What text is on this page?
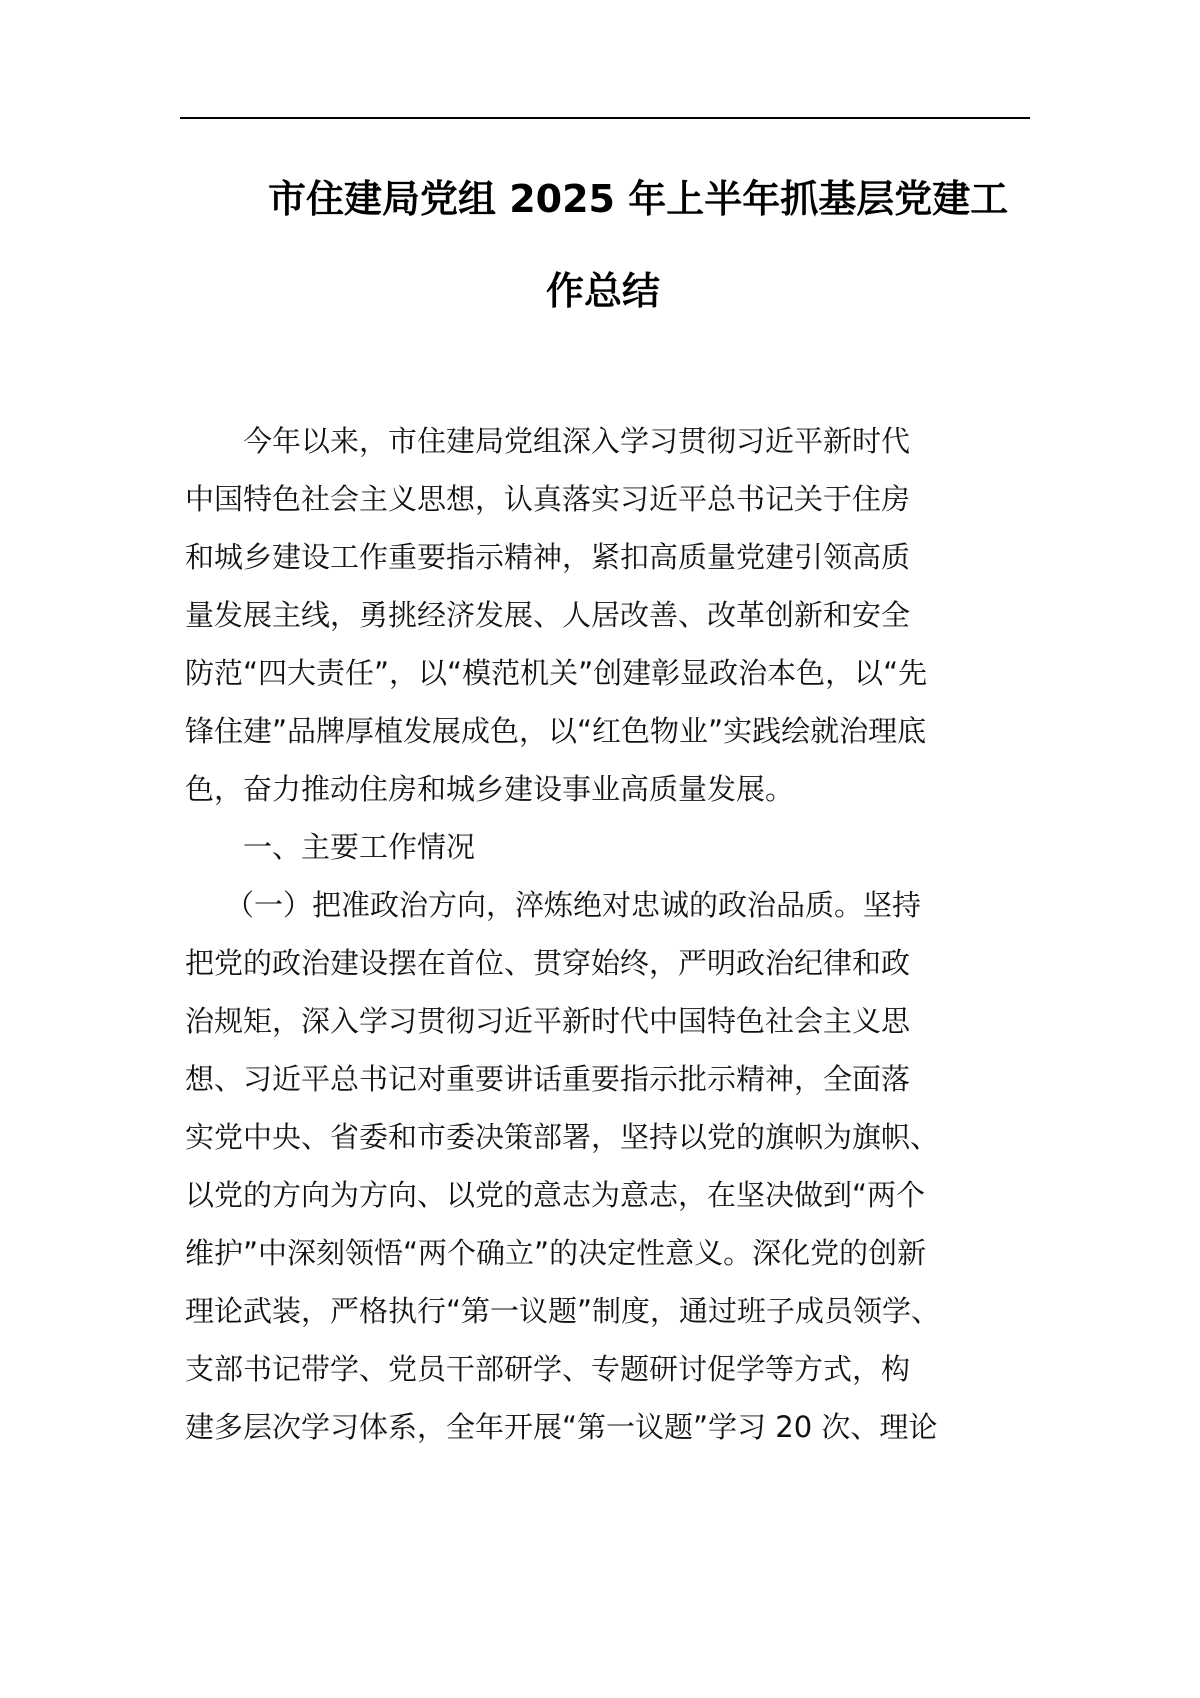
市住建局党组 2025 年上半年抓基层党建工
作总结
今年以来，市住建局党组深入学习贯彻习近平新时代
中国特色社会主义思想，认真落实习近平总书记关于住房
和城乡建设工作重要指示精神，紧扣高质量党建引领高质
量发展主线，勇挑经济发展、人居改善、改革创新和安全
防范“四大责任”，以“模范机关”创建彰显政治本色，以“先
锋住建”品牌厚植发展成色，以“红色物业”实践绘就治理底
色，奋力推动住房和城乡建设事业高质量发展。
一、主要工作情况
（一）把准政治方向，淬炼绝对忠诚的政治品质。坚持
把党的政治建设摆在首位、贯穿始终，严明政治纪律和政
治规矩，深入学习贯彻习近平新时代中国特色社会主义思
想、习近平总书记对重要讲话重要指示批示精神，全面落
实党中央、省委和市委决策部署，坚持以党的旗帜为旗帜、
以党的方向为方向、以党的意志为意志，在坚决做到“两个
维护”中深刻领悟“两个确立”的决定性意义。深化党的创新
理论武装，严格执行“第一议题”制度，通过班子成员领学、
支部书记带学、党员干部研学、专题研讨促学等方式，构
建多层次学习体系，全年开展“第一议题”学习 20 次、理论
